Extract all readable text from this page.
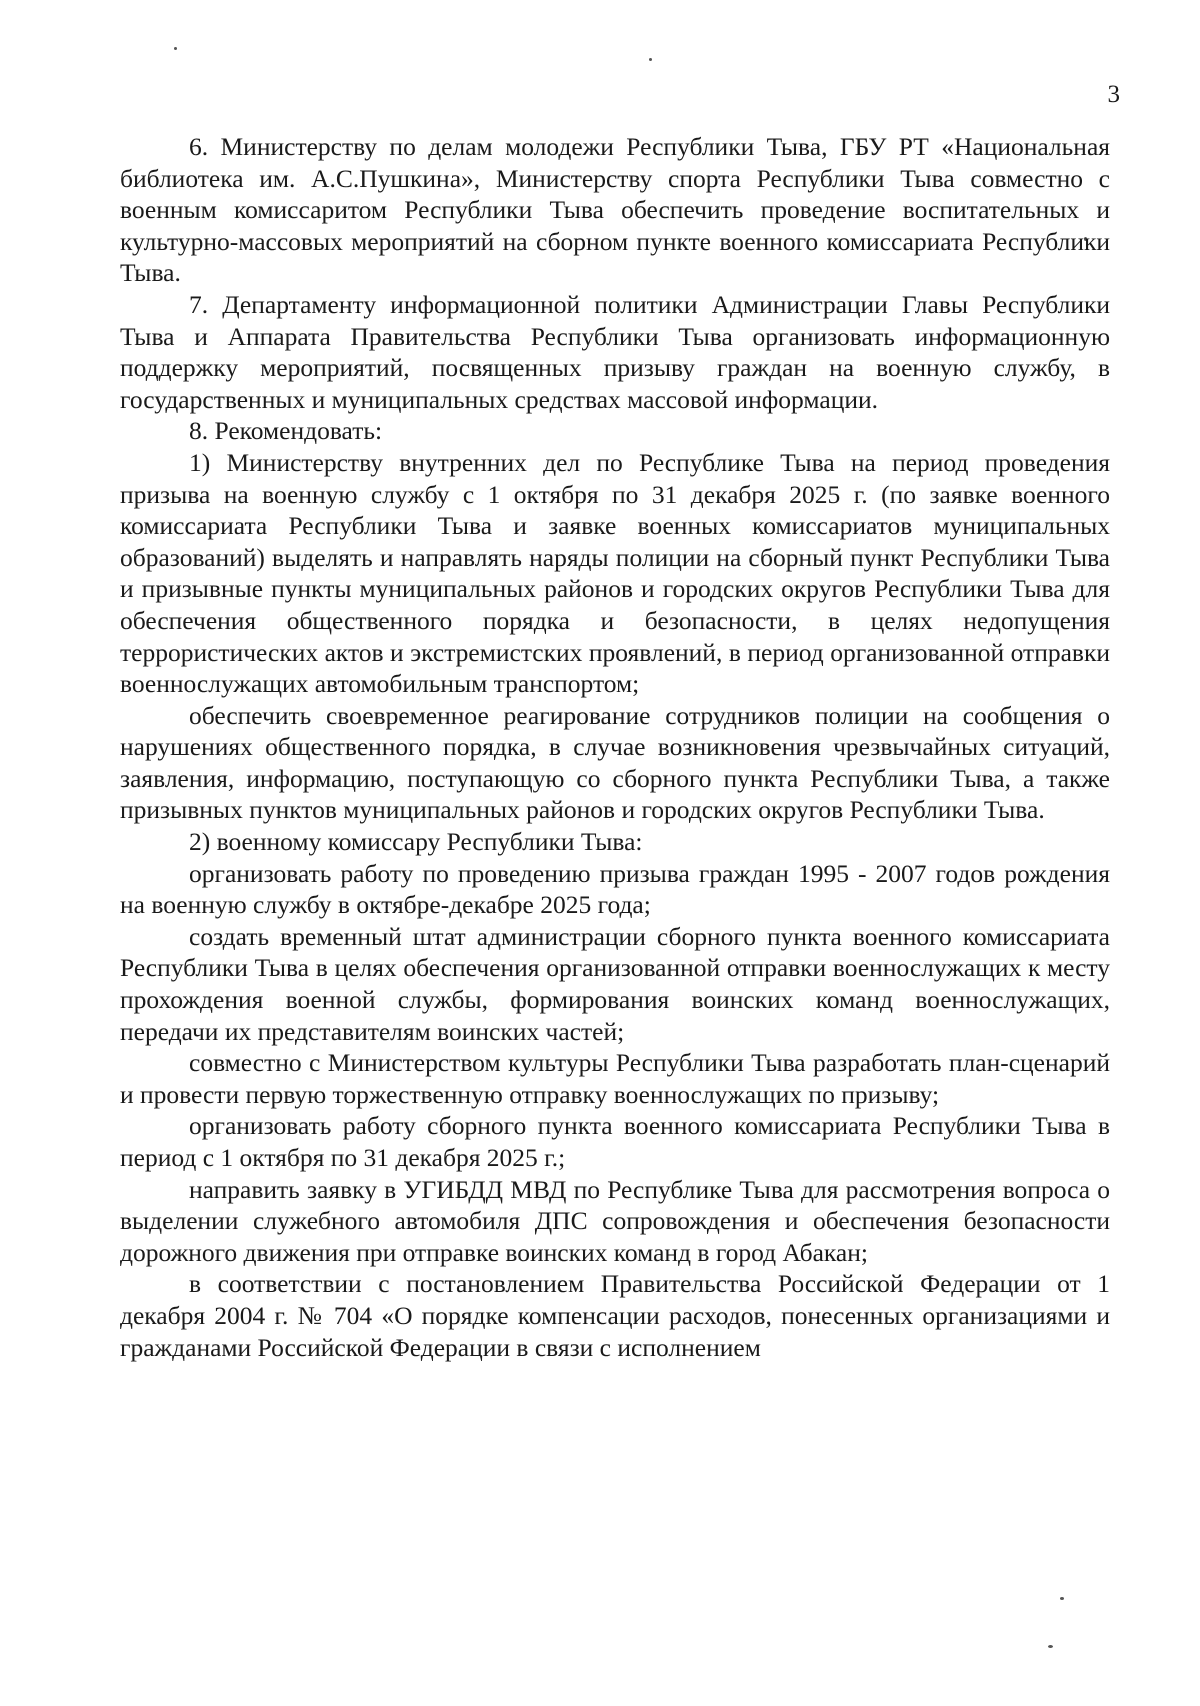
3

6. Министерству по делам молодежи Республики Тыва, ГБУ РТ «Национальная библиотека им. А.С.Пушкина», Министерству спорта Республики Тыва совместно с военным комиссаритом Республики Тыва обеспечить проведение воспитательных и культурно-массовых мероприятий на сборном пункте военного комиссариата Республики Тыва.

7. Департаменту информационной политики Администрации Главы Республики Тыва и Аппарата Правительства Республики Тыва организовать информационную поддержку мероприятий, посвященных призыву граждан на военную службу, в государственных и муниципальных средствах массовой информации.

8. Рекомендовать:

1) Министерству внутренних дел по Республике Тыва на период проведения призыва на военную службу с 1 октября по 31 декабря 2025 г. (по заявке военного комиссариата Республики Тыва и заявке военных комиссариатов муниципальных образований) выделять и направлять наряды полиции на сборный пункт Республики Тыва и призывные пункты муниципальных районов и городских округов Республики Тыва для обеспечения общественного порядка и безопасности, в целях недопущения террористических актов и экстремистских проявлений, в период организованной отправки военнослужащих автомобильным транспортом;

обеспечить своевременное реагирование сотрудников полиции на сообщения о нарушениях общественного порядка, в случае возникновения чрезвычайных ситуаций, заявления, информацию, поступающую со сборного пункта Республики Тыва, а также призывных пунктов муниципальных районов и городских округов Республики Тыва.

2) военному комиссару Республики Тыва:

организовать работу по проведению призыва граждан 1995 - 2007 годов рождения на военную службу в октябре-декабре 2025 года;

создать временный штат администрации сборного пункта военного комиссариата Республики Тыва в целях обеспечения организованной отправки военнослужащих к месту прохождения военной службы, формирования воинских команд военнослужащих, передачи их представителям воинских частей;

совместно с Министерством культуры Республики Тыва разработать план-сценарий и провести первую торжественную отправку военнослужащих по призыву;

организовать работу сборного пункта военного комиссариата Республики Тыва в период с 1 октября по 31 декабря 2025 г.;

направить заявку в УГИБДД МВД по Республике Тыва для рассмотрения вопроса о выделении служебного автомобиля ДПС сопровождения и обеспечения безопасности дорожного движения при отправке воинских команд в город Абакан;

в соответствии с постановлением Правительства Российской Федерации от 1 декабря 2004 г. № 704 «О порядке компенсации расходов, понесенных организациями и гражданами Российской Федерации в связи с исполнением
